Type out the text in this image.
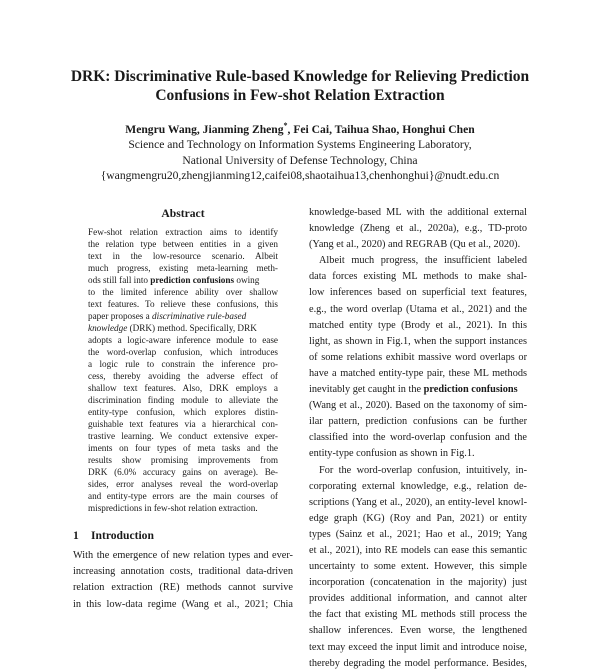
DRK: Discriminative Rule-based Knowledge for Relieving Prediction
Confusions in Few-shot Relation Extraction
Mengru Wang, Jianming Zheng*, Fei Cai, Taihua Shao, Honghui Chen
Science and Technology on Information Systems Engineering Laboratory,
National University of Defense Technology, China
{wangmengru20,zhengjianming12,caifei08,shaotaihua13,chenhonghui}@nudt.edu.cn
Abstract
Few-shot relation extraction aims to identify
the relation type between entities in a given
text in the low-resource scenario. Albeit
much progress, existing meta-learning meth-
ods still fall into prediction confusions owing
to the limited inference ability over shallow
text features. To relieve these confusions, this
paper proposes a discriminative rule-based
knowledge (DRK) method. Specifically, DRK
adopts a logic-aware inference module to ease
the word-overlap confusion, which introduces
a logic rule to constrain the inference pro-
cess, thereby avoiding the adverse effect of
shallow text features. Also, DRK employs a
discrimination finding module to alleviate the
entity-type confusion, which explores distin-
guishable text features via a hierarchical con-
trastive learning. We conduct extensive exper-
iments on four types of meta tasks and the
results show promising improvements from
DRK (6.0% accuracy gains on average). Be-
sides, error analyses reveal the word-overlap
and entity-type errors are the main courses of
mispredictions in few-shot relation extraction.
1 Introduction
With the emergence of new relation types and ever-
increasing annotation costs, traditional data-driven
relation extraction (RE) methods cannot survive
in this low-data regime (Wang et al., 2021; Chia
knowledge-based ML with the additional external
knowledge (Zheng et al., 2020a), e.g., TD-proto
(Yang et al., 2020) and REGRAB (Qu et al., 2020).
Albeit much progress, the insufficient labeled
data forces existing ML methods to make shal-
low inferences based on superficial text features,
e.g., the word overlap (Utama et al., 2021) and the
matched entity type (Brody et al., 2021). In this
light, as shown in Fig.1, when the support instances
of some relations exhibit massive word overlaps or
have a matched entity-type pair, these ML methods
inevitably get caught in the prediction confusions
(Wang et al., 2020). Based on the taxonomy of sim-
ilar pattern, prediction confusions can be further
classified into the word-overlap confusion and the
entity-type confusion as shown in Fig.1.
For the word-overlap confusion, intuitively, in-
corporating external knowledge, e.g., relation de-
scriptions (Yang et al., 2020), an entity-level knowl-
edge graph (KG) (Roy and Pan, 2021) or entity
types (Sainz et al., 2021; Hao et al., 2019; Yang
et al., 2021), into RE models can ease this semantic
uncertainty to some extent. However, this simple
incorporation (concatenation in the majority) just
provides additional information, and cannot alter
the fact that existing ML methods still process the
shallow inferences. Even worse, the lengthened
text may exceed the input limit and introduce noise,
thereby degrading the model performance. Besides,
